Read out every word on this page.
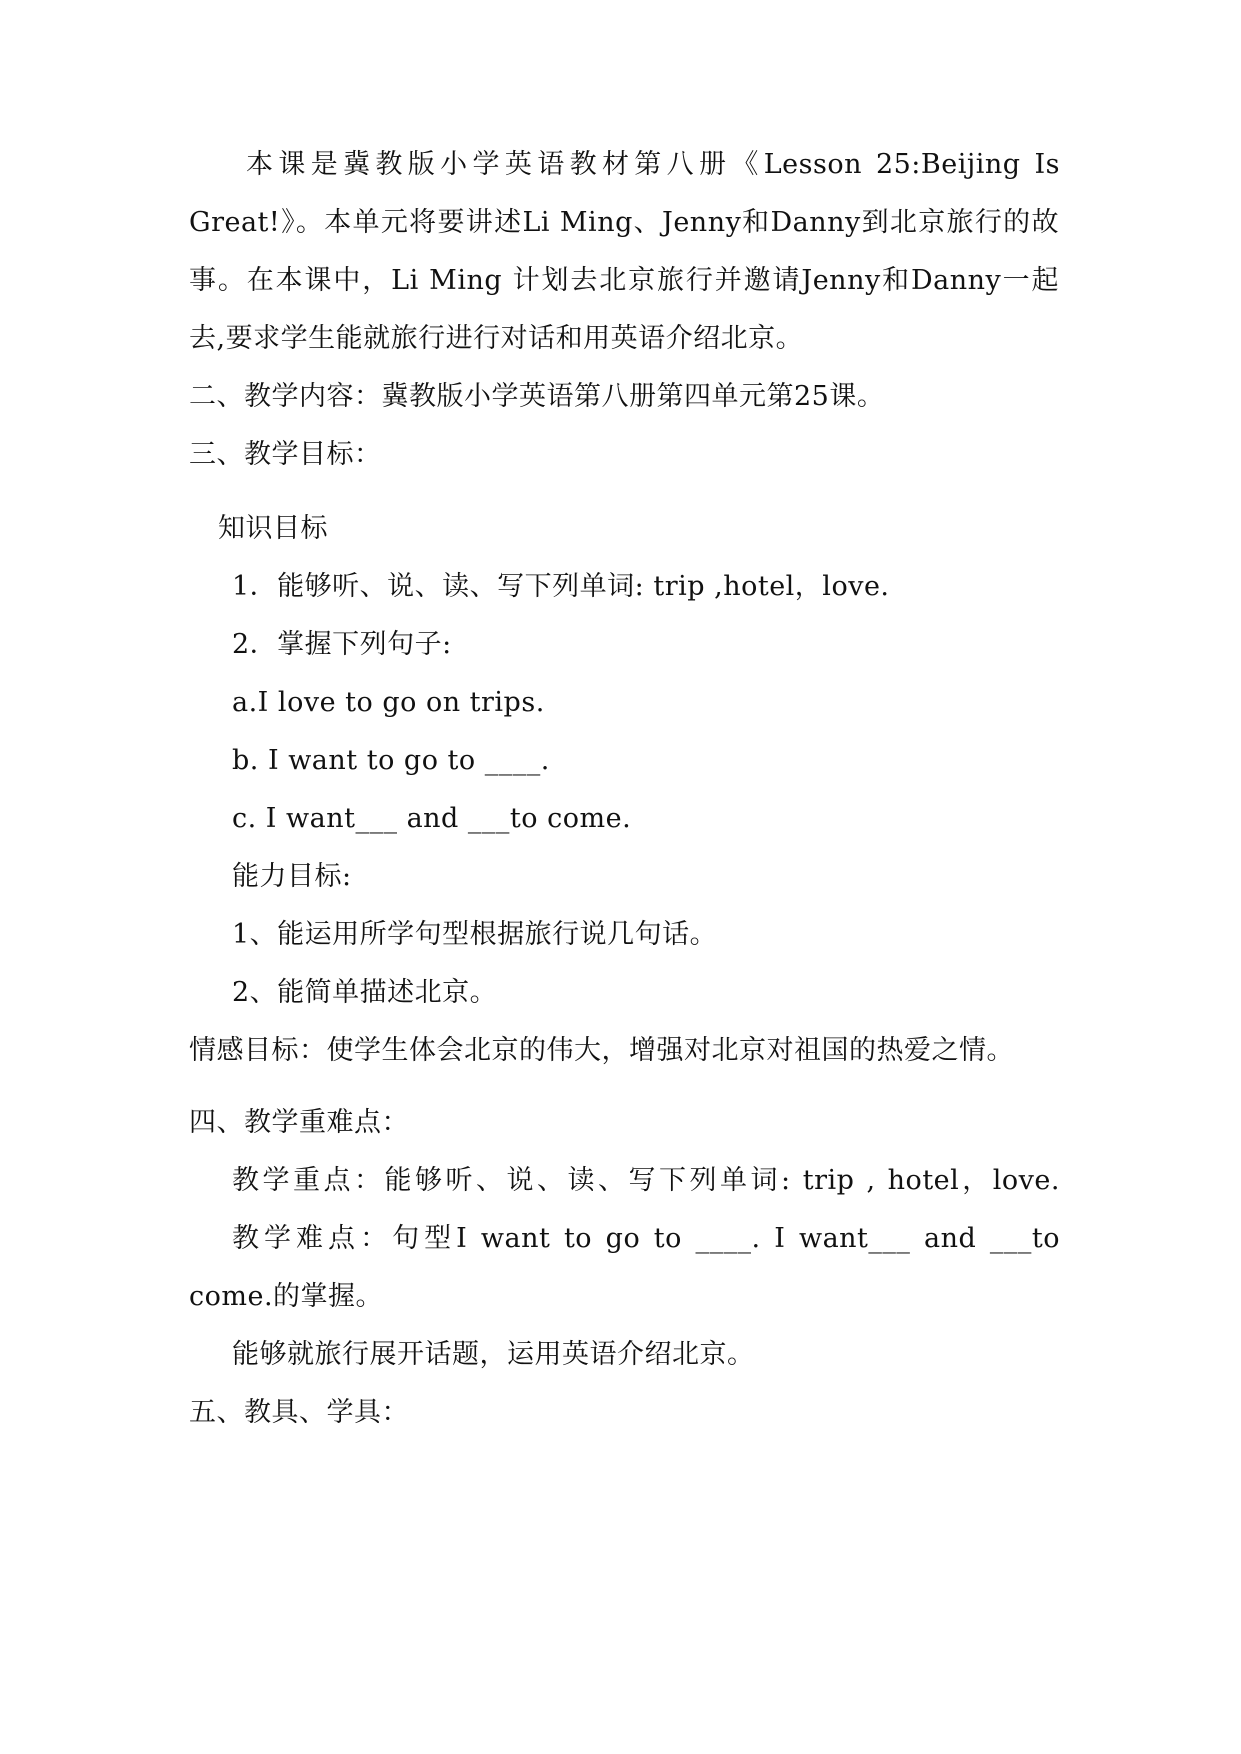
本课是冀教版小学英语教材第八册《Lesson 25:Beijing Is
Great!》。本单元将要讲述Li Ming、Jenny和Danny到北京旅行的故
事。在本课中，Li Ming 计划去北京旅行并邀请Jenny和Danny一起
去,要求学生能就旅行进行对话和用英语介绍北京。
二、教学内容：冀教版小学英语第八册第四单元第25课。
三、教学目标：
知识目标
1．能够听、说、读、写下列单词: trip ,hotel，love.
2．掌握下列句子:
a.I love to go on trips.
b. I want to go to ____.
c. I want___ and ___to come.
能力目标:
1、能运用所学句型根据旅行说几句话。
2、能简单描述北京。
情感目标：使学生体会北京的伟大，增强对北京对祖国的热爱之情。
四、教学重难点：
教学重点：能够听、说、读、写下列单词: trip , hotel，love.
教学难点：句型I want to go to ____. I want___ and ___to
come.的掌握。
能够就旅行展开话题，运用英语介绍北京。
五、教具、学具：
